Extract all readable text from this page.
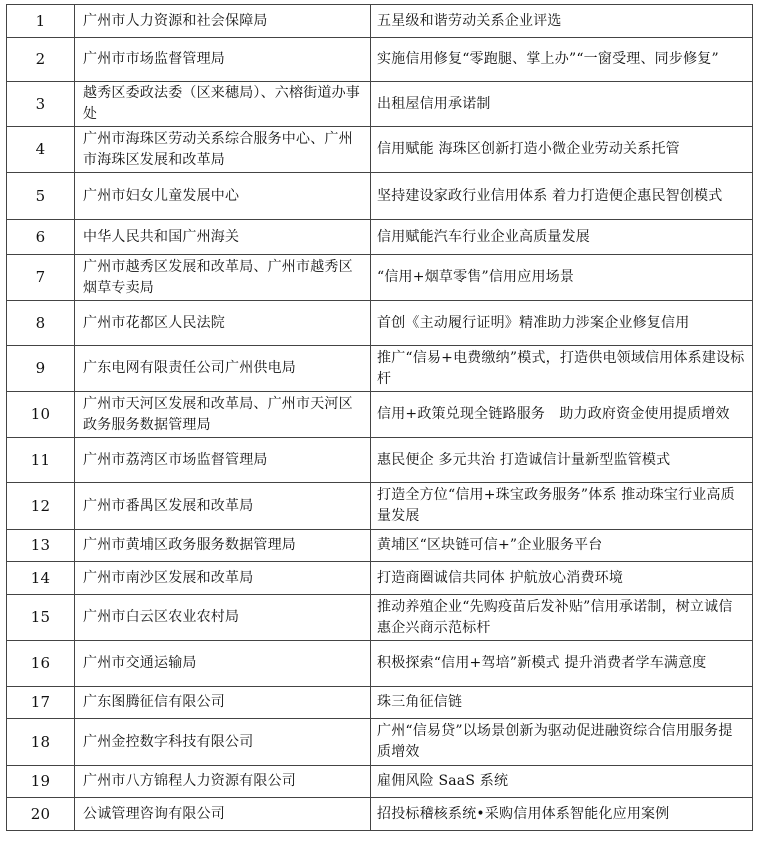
1	广州市人力资源和社会保障局	五星级和谐劳动关系企业评选
2	广州市市场监督管理局	实施信用修复“零跑腿、掌上办”“一窗受理、同步修复”
3	越秀区委政法委（区来穗局）、六榕街道办事处	出租屋信用承诺制
4	广州市海珠区劳动关系综合服务中心、广州市海珠区发展和改革局	信用赋能 海珠区创新打造小微企业劳动关系托管
5	广州市妇女儿童发展中心	坚持建设家政行业信用体系 着力打造便企惠民智创模式
6	中华人民共和国广州海关	信用赋能汽车行业企业高质量发展
7	广州市越秀区发展和改革局、广州市越秀区烟草专卖局	“信用+烟草零售”信用应用场景
8	广州市花都区人民法院	首创《主动履行证明》精准助力涉案企业修复信用
9	广东电网有限责任公司广州供电局	推广“信易+电费缴纳”模式，打造供电领域信用体系建设标杆
10	广州市天河区发展和改革局、广州市天河区政务服务数据管理局	信用+政策兑现全链路服务　助力政府资金使用提质增效
11	广州市荔湾区市场监督管理局	惠民便企 多元共治 打造诚信计量新型监管模式
12	广州市番禺区发展和改革局	打造全方位“信用+珠宝政务服务”体系 推动珠宝行业高质量发展
13	广州市黄埔区政务服务数据管理局	黄埔区“区块链可信+”企业服务平台
14	广州市南沙区发展和改革局	打造商圈诚信共同体 护航放心消费环境
15	广州市白云区农业农村局	推动养殖企业“先购疫苗后发补贴”信用承诺制，树立诚信惠企兴商示范标杆
16	广州市交通运输局	积极探索“信用+驾培”新模式 提升消费者学车满意度
17	广东图腾征信有限公司	珠三角征信链
18	广州金控数字科技有限公司	广州“信易贷”以场景创新为驱动促进融资综合信用服务提质增效
19	广州市八方锦程人力资源有限公司	雇佣风险 SaaS 系统
20	公诚管理咨询有限公司	招投标稽核系统•采购信用体系智能化应用案例
